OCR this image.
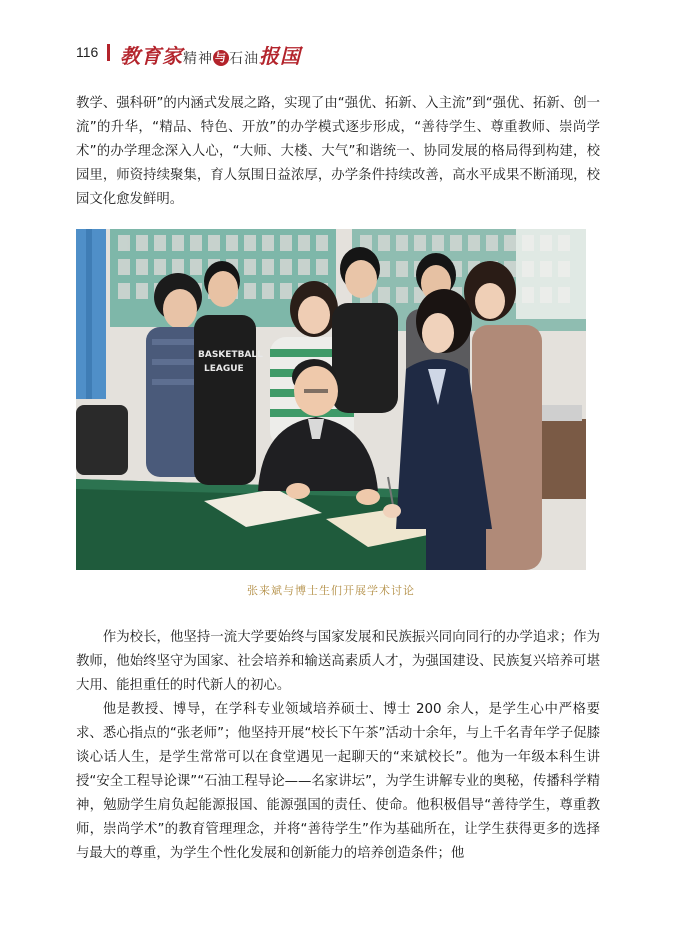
116 教育家精神 与 石油报国

教学、强科研”的内涵式发展之路，实现了由“强优、拓新、入主流”到“强优、拓新、创一流”的升华，“精品、特色、开放”的办学模式逐步形成，“善待学生、尊重教师、崇尚学术”的办学理念深入人心，“大师、大楼、大气”和谐统一、协同发展的格局得到构建，校园里，师资持续聚集，育人氛围日益浓厚，办学条件持续改善，高水平成果不断涌现，校园文化愈发鲜明。

BASKETBALL
LEAGUE
张来斌与博士生们开展学术讨论

作为校长，他坚持一流大学要始终与国家发展和民族振兴同向同行的办学追求；作为教师，他始终坚守为国家、社会培养和输送高素质人才，为强国建设、民族复兴培养可堪大用、能担重任的时代新人的初心。

他是教授、博导，在学科专业领域培养硕士、博士 200 余人，是学生心中严格要求、悉心指点的“张老师”；他坚持开展“校长下午茶”活动十余年，与上千名青年学子促膝谈心话人生，是学生常常可以在食堂遇见一起聊天的“来斌校长”。他为一年级本科生讲授“安全工程导论课”“石油工程导论——名家讲坛”，为学生讲解专业的奥秘，传播科学精神，勉励学生肩负起能源报国、能源强国的责任、使命。他积极倡导“善待学生，尊重教师，崇尚学术”的教育管理理念，并将“善待学生”作为基础所在，让学生获得更多的选择与最大的尊重，为学生个性化发展和创新能力的培养创造条件；他
